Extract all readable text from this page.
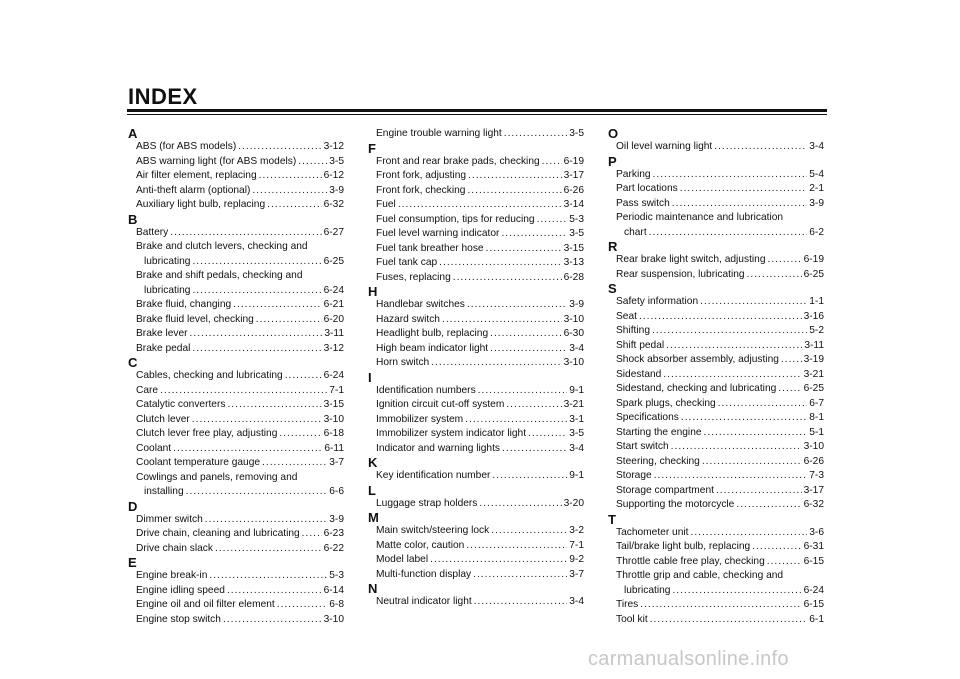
INDEX
A
ABS (for ABS models) .....	3-12
ABS warning light (for ABS models) .....	3-5
Air filter element, replacing .....	6-12
Anti-theft alarm (optional) .....	3-9
Auxiliary light bulb, replacing .....	6-32
B
Battery .....	6-27
Brake and clutch levers, checking and
lubricating .....	6-25
Brake and shift pedals, checking and
lubricating .....	6-24
Brake fluid, changing .....	6-21
Brake fluid level, checking .....	6-20
Brake lever .....	3-11
Brake pedal .....	3-12
C
Cables, checking and lubricating .....	6-24
Care .....	7-1
Catalytic converters .....	3-15
Clutch lever .....	3-10
Clutch lever free play, adjusting .....	6-18
Coolant .....	6-11
Coolant temperature gauge .....	3-7
Cowlings and panels, removing and
installing .....	6-6
D
Dimmer switch .....	3-9
Drive chain, cleaning and lubricating ..... 6-23
Drive chain slack .....	6-22
E
Engine break-in .....	5-3
Engine idling speed .....	6-14
Engine oil and oil filter element .....	6-8
Engine stop switch .....	3-10
Engine trouble warning light .....	3-5
F
Front and rear brake pads, checking ..... 6-19
Front fork, adjusting .....	3-17
Front fork, checking .....	6-26
Fuel .....	3-14
Fuel consumption, tips for reducing .....	5-3
Fuel level warning indicator .....	3-5
Fuel tank breather hose .....	3-15
Fuel tank cap .....	3-13
Fuses, replacing .....	6-28
H
Handlebar switches .....	3-9
Hazard switch .....	3-10
Headlight bulb, replacing .....	6-30
High beam indicator light .....	3-4
Horn switch .....	3-10
I
Identification numbers .....	9-1
Ignition circuit cut-off system .....	3-21
Immobilizer system .....	3-1
Immobilizer system indicator light .....	3-5
Indicator and warning lights .....	3-4
K
Key identification number .....	9-1
L
Luggage strap holders .....	3-20
M
Main switch/steering lock .....	3-2
Matte color, caution .....	7-1
Model label .....	9-2
Multi-function display .....	3-7
N
Neutral indicator light .....	3-4
O
Oil level warning light .....	3-4
P
Parking .....	5-4
Part locations .....	2-1
Pass switch .....	3-9
Periodic maintenance and lubrication
chart .....	6-2
R
Rear brake light switch, adjusting .....	6-19
Rear suspension, lubricating .....	6-25
S
Safety information .....	1-1
Seat .....	3-16
Shifting .....	5-2
Shift pedal .....	3-11
Shock absorber assembly, adjusting ..... 3-19
Sidestand .....	3-21
Sidestand, checking and lubricating .....	6-25
Spark plugs, checking .....	6-7
Specifications .....	8-1
Starting the engine .....	5-1
Start switch .....	3-10
Steering, checking .....	6-26
Storage .....	7-3
Storage compartment .....	3-17
Supporting the motorcycle .....	6-32
T
Tachometer unit .....	3-6
Tail/brake light bulb, replacing .....	6-31
Throttle cable free play, checking .....	6-15
Throttle grip and cable, checking and
lubricating .....	6-24
Tires .....	6-15
Tool kit .....	6-1
carmanualsonline.info
